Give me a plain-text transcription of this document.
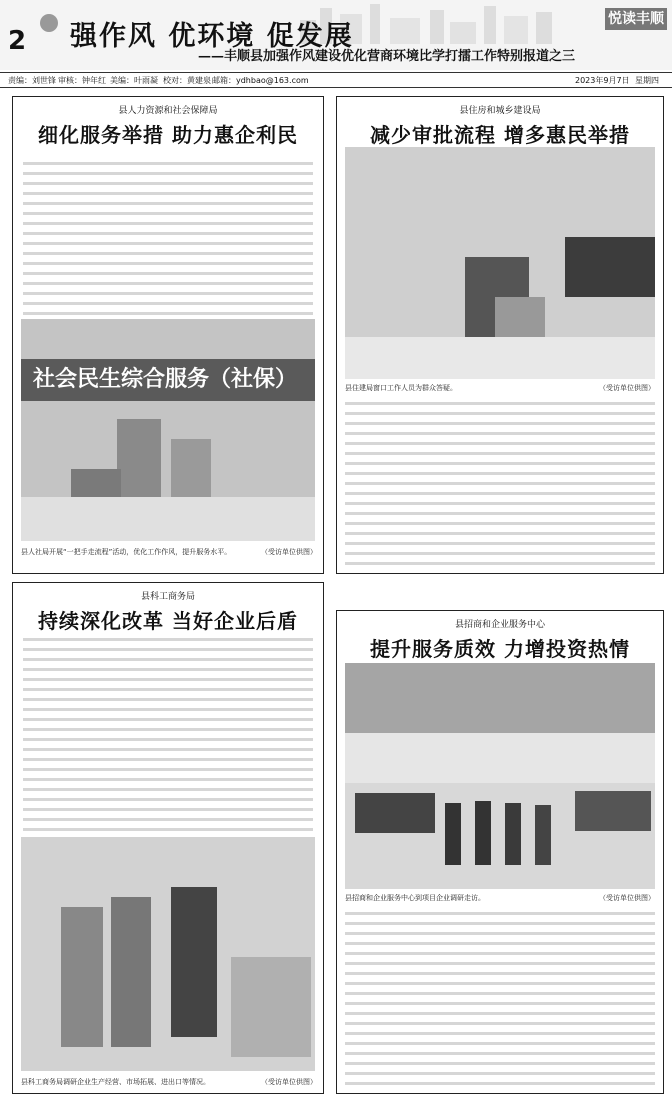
2 强作风 优环境 促发展
——丰顺县加强作风建设优化营商环境比学打擂工作特别报道之三
悦读丰顺
责编：刘世锋 审核：钟年红 美编：叶雨凝 校对：黄建泉 邮箱：ydhbao@163.com	2023年9月7日 星期四
县人力资源和社会保障局
细化服务举措 助力惠企利民
社会民生综合服务（社保）
县人社局开展“一把手走流程”活动，优化工作作风，提升服务水平。	（受访单位供图）
县住房和城乡建设局
减少审批流程 增多惠民举措
县住建局窗口工作人员为群众答疑。	（受访单位供图）
县科工商务局
持续深化改革 当好企业后盾
县科工商务局调研企业生产经营、市场拓展、进出口等情况。	（受访单位供图）
县招商和企业服务中心
提升服务质效 力增投资热情
县招商和企业服务中心到项目企业调研走访。	（受访单位供图）
